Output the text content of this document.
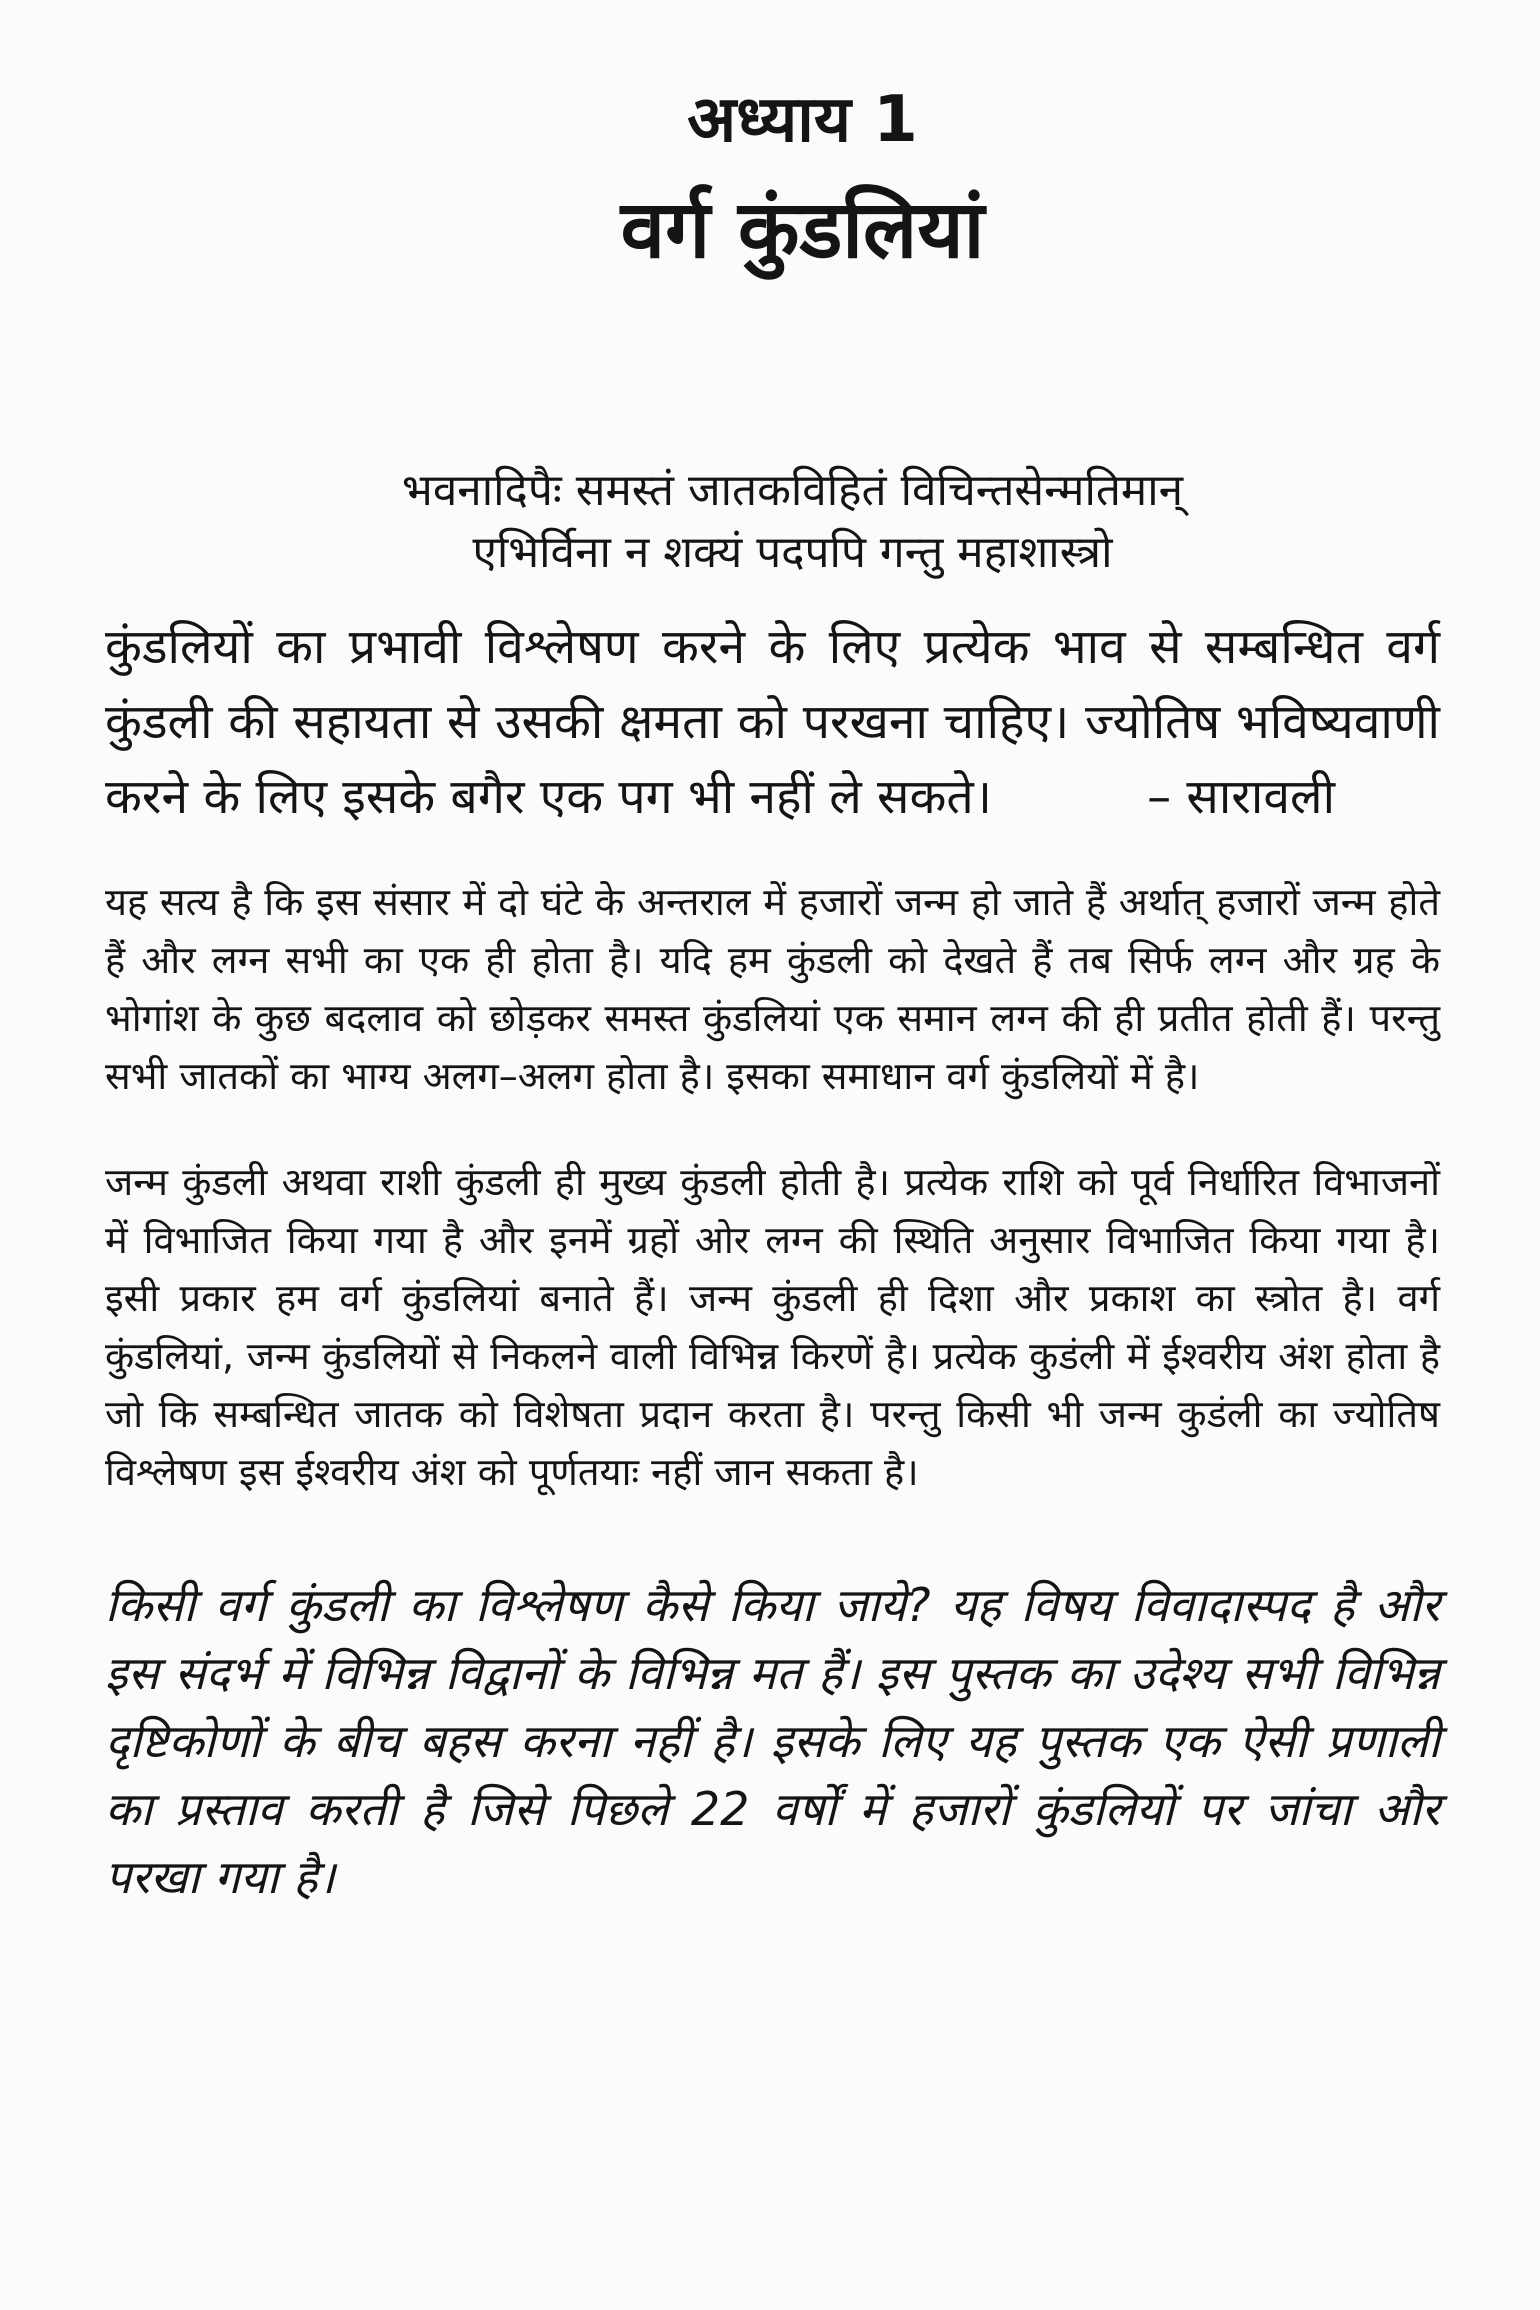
अध्याय 1
वर्ग कुंडलियां
भवनादिपैः समस्तं जातकविहितं विचिन्तसेन्मतिमान्
एभिर्विना न शक्यं पदपपि गन्तु महाशास्त्रो

कुंडलियों का प्रभावी विश्लेषण करने के लिए प्रत्येक भाव से सम्बन्धित वर्ग कुंडली की सहायता से उसकी क्षमता को परखना चाहिए। ज्योतिष भविष्यवाणी करने के लिए इसके बगैर एक पग भी नहीं ले सकते।	– सारावली

यह सत्य है कि इस संसार में दो घंटे के अन्तराल में हजारों जन्म हो जाते हैं अर्थात् हजारों जन्म होते हैं और लग्न सभी का एक ही होता है। यदि हम कुंडली को देखते हैं तब सिर्फ लग्न और ग्रह के भोगांश के कुछ बदलाव को छोड़कर समस्त कुंडलियां एक समान लग्न की ही प्रतीत होती हैं। परन्तु सभी जातकों का भाग्य अलग–अलग होता है। इसका समाधान वर्ग कुंडलियों में है।

जन्म कुंडली अथवा राशी कुंडली ही मुख्य कुंडली होती है। प्रत्येक राशि को पूर्व निर्धारित विभाजनों में विभाजित किया गया है और इनमें ग्रहों ओर लग्न की स्थिति अनुसार विभाजित किया गया है। इसी प्रकार हम वर्ग कुंडलियां बनाते हैं। जन्म कुंडली ही दिशा और प्रकाश का स्त्रोत है। वर्ग कुंडलियां, जन्म कुंडलियों से निकलने वाली विभिन्न किरणें है। प्रत्येक कुडंली में ईश्वरीय अंश होता है जो कि सम्बन्धित जातक को विशेषता प्रदान करता है। परन्तु किसी भी जन्म कुडंली का ज्योतिष विश्लेषण इस ईश्वरीय अंश को पूर्णतयाः नहीं जान सकता है।

किसी वर्ग कुंडली का विश्लेषण कैसे किया जाये? यह विषय विवादास्पद है और इस संदर्भ में विभिन्न विद्वानों के विभिन्न मत हैं। इस पुस्तक का उदेश्य सभी विभिन्न दृष्टिकोणों के बीच बहस करना नहीं है। इसके लिए यह पुस्तक एक ऐसी प्रणाली का प्रस्ताव करती है जिसे पिछले 22 वर्षों में हजारों कुंडलियों पर जांचा और परखा गया है।
